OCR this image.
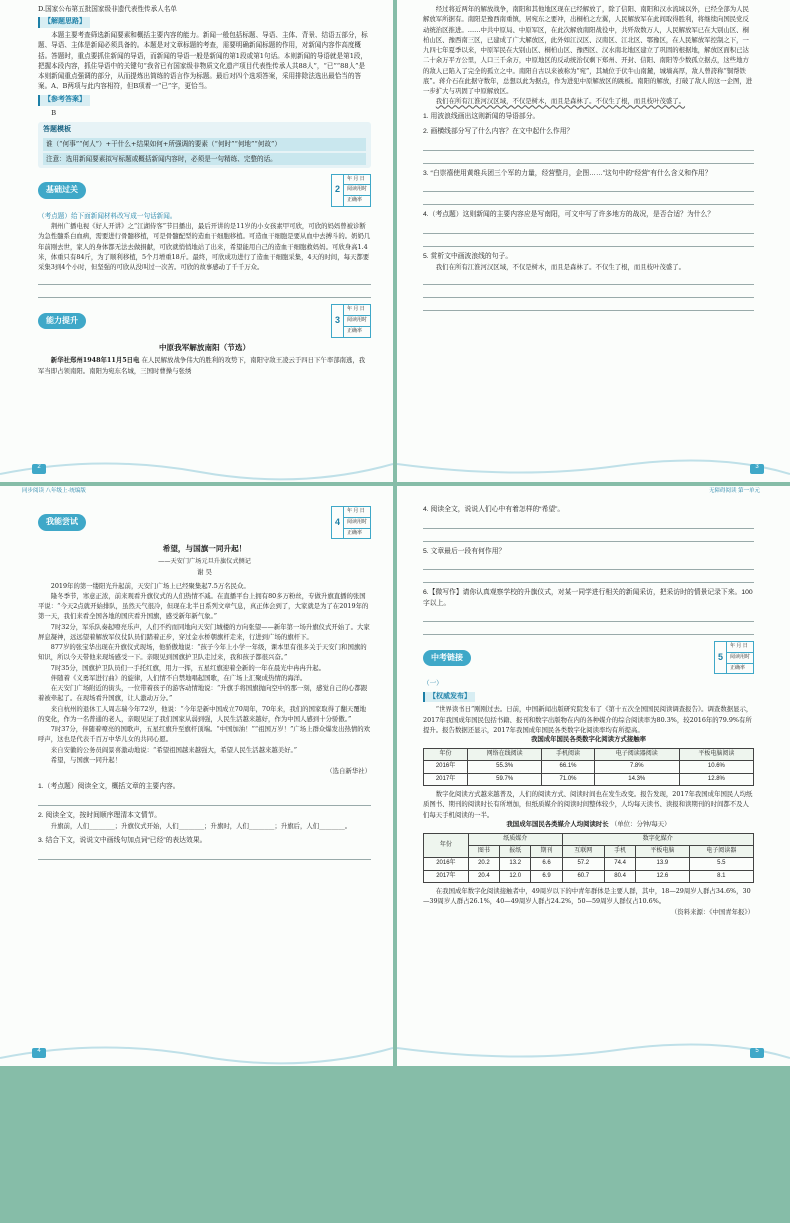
D.国家公布第五批国家级非遗代表性传承人名单
【解题思路】
本题主要考查筛选新闻要素和概括主要内容的能力。新闻一般包括标题、导语、主体、背景、结语五部分，标题、导语、主体是新闻必须具备的。本题是对文章标题的考查，需要明确新闻标题的作用，对新闻内容作高度概括。答题时，重点要抓住新闻的导语，而新闻的导语一般是新闻的第1段或第1句话。本则新闻的导语就是第1段，把握本段内容，抓住导语中的关键句“我省已有国家级非物质文化遗产项目代表性传承人共88人”，“已”“88人”是本则新闻重点强调的部分，从而提炼出简练的语言作为标题。最后对四个选项答案，采用排除法选出最恰当的答案。A、B两项与此内容相符，但B项着一“已”字，更恰当。
【参考答案】
B
答题模板
谁（“何事”“何人”）+干什么+结果如何+所强调的要素（“何时”“何地”“何故”）
注意：选用新闻要素拟写标题或概括新闻内容时，必须是一句精练、完整的话。
基础过关	2	年 月 日
阅读用时
正确率
（考点题）给下面新闻材料改写成一句话新闻。
荆州广播电视《好人开讲》之“江湖侍客”节目播出，最后开讲的是11岁的小女孩素甲可欣，可欣的妈妈曾被诊断为急性髓系白血病，需要进行骨髓移植，可是骨髓配型的造血干细胞移植。可造血干细胞是要从血中去搏斗的。奶奶几年前刚去世，家人的身体都无法去做捐献，可欣就悄悄地站了出来，希望能用自己的造血干细胞救妈妈。可欣身高1.4米，体重只有84斤，为了顺利移植，5个月增重18斤。最终，可欣成功进行了造血干细胞采集，4天的时间，每天都要采集3到4个小时，但坚强的可欣从没叫过一次苦。可欣的故事感动了千千万众。
能力提升	3	年 月 日
阅读用时
正确率
中原我军解放南阳（节选）
新华社郑州1948年11月5日电 在人民解放战争伟大的胜利的攻势下，南阳守敌王凌云于四日下午率部南逃，我军当即占领南阳。南阳为宛东名城，三国时曹操与张绣
2
经过将近两年的解放战争，南阳和其他地区现在已经解放了，除了信阳、南阳和汉水流域以外，已经全部为人民解放军所据有。南阳是豫西南重镇，居宛东之要冲，出桐柏之左翼，人民解放军在此间取得胜利，将继续向国民党反动统治区推进。……中共中原局、中原军区，在此次解放南阳战役中，共歼敌数万人，人民解放军已在大别山区、桐柏山区、豫西南三区，已建成了广大解放区，此外如江汉区、汉南区、江北区、鄂豫区，在人民解放军控制之下，一九四七年夏季以来，中原军民在大别山区、桐柏山区、豫西区、汉水南北地区建立了巩固的根据地，解放区面积已达二十余万平方公里，人口三千余万，中原地区的反动统治仅剩下郑州、开封、信阳、南阳等少数孤立据点，这些地方的敌人已陷入了完全的孤立之中。南阳自古以来被称为“宛”，其城位于伏牛山南麓，城墙高厚，敌人曾誇称“铜帮铁底”。蒋介石在此据守数年，总想以此为据点，作为进犯中原解放区的跳板。南阳的解放，打破了敌人的这一企图，进一步扩大与巩固了中原解放区。
我们在所有江淮河汉区域，不仅是树木，而且是森林了。不仅生了根，而且枝叶茂盛了。
1. 用波浪线画出这则新闻的导语部分。
2. 画横线部分写了什么内容？在文中起什么作用？
3. “白崇禧使用黄维兵团三个军的力量，经营整月，企图……”这句中的“经营”有什么含义和作用？
4.（考点题）这则新闻的主要内容应是写南阳，可文中写了许多地方的战况，是否合适？为什么？
5. 赏析文中画波浪线的句子。
我们在所有江淮河汉区域，不仅是树木，而且是森林了。不仅生了根，而且枝叶茂盛了。
3
同步阅读 八年级上·统编版
我能尝试	4	年 月 日
阅读用时
正确率
希望，与国旗一同升起！
——天安门广场元旦升旗仪式侧记
谢 昊
2019年的第一缕阳光升起前，天安门广场上已经聚集起7.5万名民众。
隆冬季节，寒意正浓，前来观看升旗仪式的人们热情不减。在直播平台上拥有80多万粉丝，专做升旗直播的张国平说：“今天2点就开始排队，虽然天气很冷，但现在北半日系列文章气息，真正体会到了，大家就是为了在2019年的第一天，我们来看全国各地的国庆看升国旗，感受新年新气象。”
7时32分，军乐队奏起嘹亮乐声，人们不约而同地向天安门城楼的方向张望——新年第一场升旗仪式开始了。大家屏息凝神，远远望着解放军仪仗队员们踏着正步，穿过金水桥朝旗杆走来，行进到广场的旗杆下。
877岁的张宝华出现在升旗仪式现场，他骄傲地说：“孩子今年上小学一年级，课本里有很多关于天安门和国旗的知识，所以今天带他来现场感受一下。亲眼见到国旗护卫队走过来，我和孩子都很兴奋。”
7时35分，国旗护卫队员们一手托红旗，用力一挥，五星红旗迎着全新的一年在晨光中冉冉升起。
伴随着《义勇军进行曲》的旋律，人们情不自禁地唱起国歌，在广场上汇聚成热情的海洋。
在天安门广场附近的街头，一位带着孩子的游客动情地说：“升旗手将国旗抛向空中的那一刻，感觉自己的心都跟着被牵起了。在现场看升国旗，让人激动万分。”
来自杭州的退休工人周志瑞今年72岁，他说：“今年是新中国成立70周年，70年来，我们的国家取得了翻天覆地的变化，作为一名普通的老人，亲眼见证了我们国家从弱到强，人民生活越来越好，作为中国人感到十分骄傲。”
7时37分，伴随着嘹亮的国歌声，五星红旗升至旗杆顶端。“中国加油！”“祖国万岁！”广场上群众爆发出热情的欢呼声，这也是代表千百万中华儿女的共同心愿。
来自安徽的公务员阎景喜激动地说：“希望祖国越来越强大，希望人民生活越来越美好。”
希望，与国旗一同升起！
（选自新华社）
1.（考点题）阅读全文，概括文章的主要内容。
2. 阅读全文，按时间顺序理清本文情节。
升旗前，人们________；升旗仪式开始，人们________；升旗时，人们________；升旗后，人们________。
3. 结合下文，说说文中画线句加点词“已经”的表达效果。
4
无障碍阅读 第一单元
4. 阅读全文，说说人们心中有着怎样的“希望”。
5. 文章最后一段有何作用？
6.【微写作】请你认真观察学校的升旗仪式，对某一同学进行相关的新闻采访，把采访时的情景记录下来。100字以上。
中考链接	5	年 月 日
阅读用时
正确率
（一）
【权威发布】
“世界读书日”刚刚过去。日前，中国新闻出版研究院发布了《第十五次全国国民阅读调查报告》。调查数据显示，2017年我国成年国民包括书籍、报刊和数字出版物在内的各种媒介的综合阅读率为80.3%，较2016年的79.9%有所提升。报告数据还显示，2017年我国成年国民各类数字化阅读率均有所提高。
我国成年国民各类数字化阅读方式接触率
年份	网络在线阅读	手机阅读	电子阅读器阅读	平板电脑阅读
2016年	55.3%	66.1%	7.8%	10.6%
2017年	59.7%	71.0%	14.3%	12.8%
数字化阅读方式越来越普及，人们的阅读方式、阅读时间也在发生改变。报告发现，2017年我国成年国民人均纸质图书、期刊的阅读时长有所增加，但纸质媒介的阅读时间整体较少，人均每天读书、读报和读期刊的时间都不及人们每天手机阅读的一半。
我国成年国民各类媒介人均阅读时长 （单位：分钟/每天）
年份	纸质媒介			数字化媒介			
	图书	报纸	期刊	互联网	手机	平板电脑	电子阅读器
2016年	20.2	13.2	6.6	57.2	74.4	13.9	5.5
2017年	20.4	12.0	6.9	60.7	80.4	12.6	8.1
在我国成年数字化阅读接触者中，49周岁以下的中青年群体是主要人群，其中，18—29周岁人群占34.6%，30—39周岁人群占26.1%，40—49周岁人群占24.2%，50—59周岁人群仅占10.6%。
（资料来源：《中国青年报》）
5
